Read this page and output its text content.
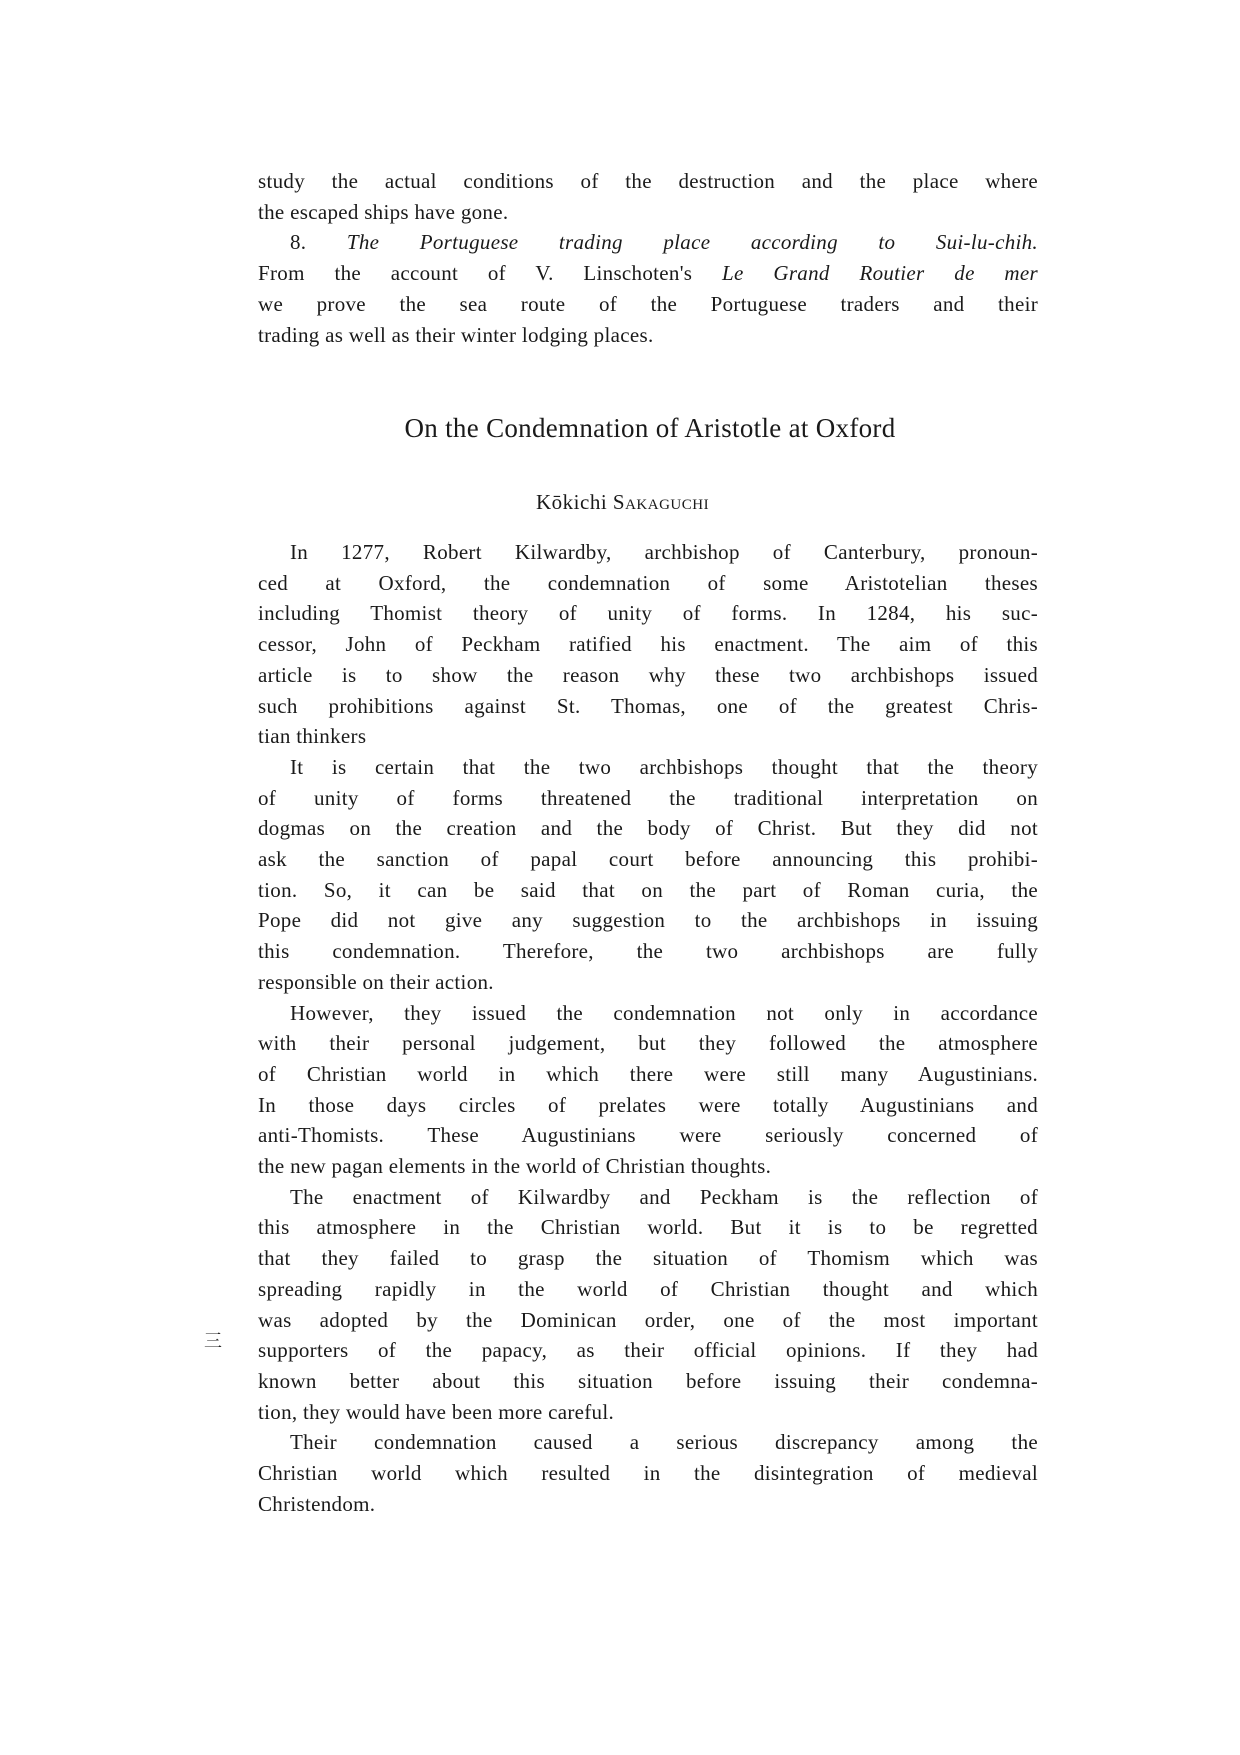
study the actual conditions of the destruction and the place where
the escaped ships have gone.
8. The Portuguese trading place according to Sui-lu-chih.
From the account of V. Linschoten's Le Grand Routier de mer
we prove the sea route of the Portuguese traders and their
trading as well as their winter lodging places.
On the Condemnation of Aristotle at Oxford
Kōkichi Sakaguchi
In 1277, Robert Kilwardby, archbishop of Canterbury, pronoun-
ced at Oxford, the condemnation of some Aristotelian theses
including Thomist theory of unity of forms. In 1284, his suc-
cessor, John of Peckham ratified his enactment. The aim of this
article is to show the reason why these two archbishops issued
such prohibitions against St. Thomas, one of the greatest Chris-
tian thinkers
It is certain that the two archbishops thought that the theory
of unity of forms threatened the traditional interpretation on
dogmas on the creation and the body of Christ. But they did not
ask the sanction of papal court before announcing this prohibi-
tion. So, it can be said that on the part of Roman curia, the
Pope did not give any suggestion to the archbishops in issuing
this condemnation. Therefore, the two archbishops are fully
responsible on their action.
However, they issued the condemnation not only in accordance
with their personal judgement, but they followed the atmosphere
of Christian world in which there were still many Augustinians.
In those days circles of prelates were totally Augustinians and
anti-Thomists. These Augustinians were seriously concerned of
the new pagan elements in the world of Christian thoughts.
The enactment of Kilwardby and Peckham is the reflection of
this atmosphere in the Christian world. But it is to be regretted
that they failed to grasp the situation of Thomism which was
spreading rapidly in the world of Christian thought and which
was adopted by the Dominican order, one of the most important
supporters of the papacy, as their official opinions. If they had
known better about this situation before issuing their condemna-
tion, they would have been more careful.
Their condemnation caused a serious discrepancy among the
Christian world which resulted in the disintegration of medieval
Christendom.
三
